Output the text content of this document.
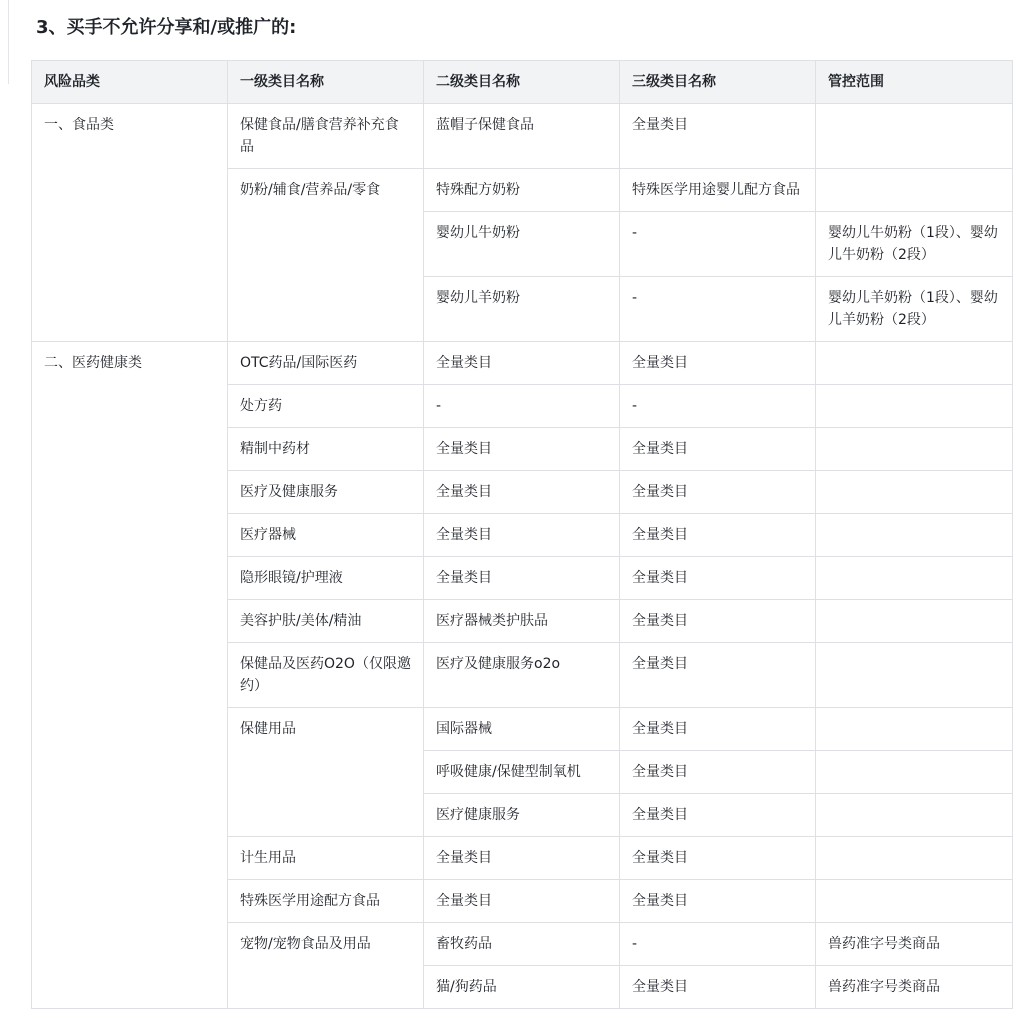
3、买手不允许分享和/或推广的:
风险品类	一级类目名称	二级类目名称	三级类目名称	管控范围
一、食品类	保健食品/膳食营养补充食品	蓝帽子保健食品	全量类目	
	奶粉/辅食/营养品/零食	特殊配方奶粉	特殊医学用途婴儿配方食品	
		婴幼儿牛奶粉	-	婴幼儿牛奶粉（1段）、婴幼儿牛奶粉（2段）
		婴幼儿羊奶粉	-	婴幼儿羊奶粉（1段）、婴幼儿羊奶粉（2段）
二、医药健康类	OTC药品/国际医药	全量类目	全量类目	
	处方药	-	-	
	精制中药材	全量类目	全量类目	
	医疗及健康服务	全量类目	全量类目	
	医疗器械	全量类目	全量类目	
	隐形眼镜/护理液	全量类目	全量类目	
	美容护肤/美体/精油	医疗器械类护肤品	全量类目	
	保健品及医药O2O（仅限邀约）	医疗及健康服务o2o	全量类目	
	保健用品	国际器械	全量类目	
		呼吸健康/保健型制氧机	全量类目	
		医疗健康服务	全量类目	
	计生用品	全量类目	全量类目	
	特殊医学用途配方食品	全量类目	全量类目	
	宠物/宠物食品及用品	畜牧药品	-	兽药准字号类商品
		猫/狗药品	全量类目	兽药准字号类商品
